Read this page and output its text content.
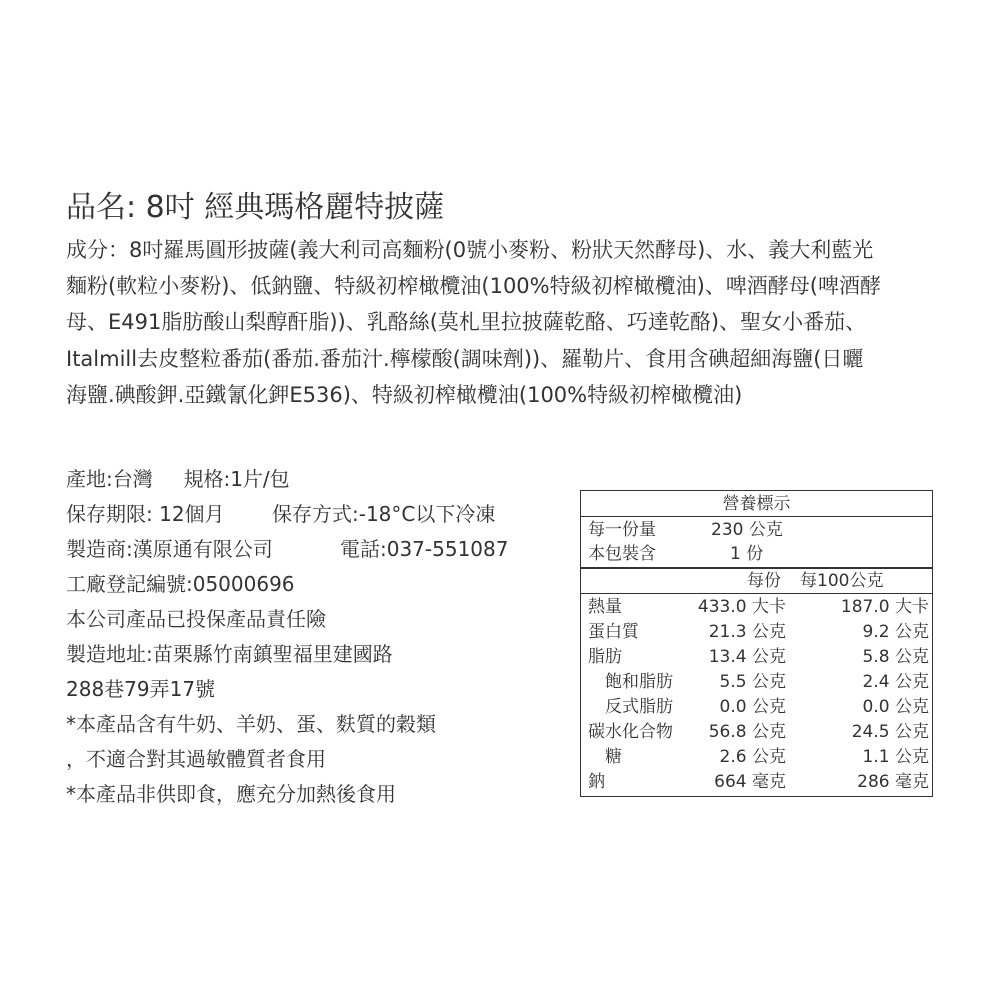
品名: 8吋 經典瑪格麗特披薩
成分：8吋羅馬圓形披薩(義大利司高麵粉(0號小麥粉、粉狀天然酵母)、水、義大利藍光
麵粉(軟粒小麥粉)、低鈉鹽、特級初榨橄欖油(100%特級初榨橄欖油)、啤酒酵母(啤酒酵
母、E491脂肪酸山梨醇酐脂))、乳酪絲(莫札里拉披薩乾酪、巧達乾酪)、聖女小番茄、
Italmill去皮整粒番茄(番茄.番茄汁.檸檬酸(調味劑))、羅勒片、食用含碘超細海鹽(日曬
海鹽.碘酸鉀.亞鐵氰化鉀E536)、特級初榨橄欖油(100%特級初榨橄欖油)
產地:台灣 規格:1片/包
保存期限: 12個月 保存方式:-18°C以下冷凍
製造商:漢原通有限公司	電話:037-551087
工廠登記編號:05000696
本公司產品已投保產品責任險
製造地址:苗栗縣竹南鎮聖福里建國路
288巷79弄17號
*本產品含有牛奶、羊奶、蛋、麩質的穀類
，不適合對其過敏體質者食用
*本產品非供即食，應充分加熱後食用
營養標示
每一份量	230 公克
本包裝含	1 份
每份 每100公克
熱量	433.0 大卡	187.0 大卡
蛋白質	21.3 公克	9.2 公克
脂肪	13.4 公克	5.8 公克
飽和脂肪	5.5 公克	2.4 公克
反式脂肪	0.0 公克	0.0 公克
碳水化合物 56.8 公克	24.5 公克
糖	2.6 公克	1.1 公克
鈉	664 毫克	286 毫克
